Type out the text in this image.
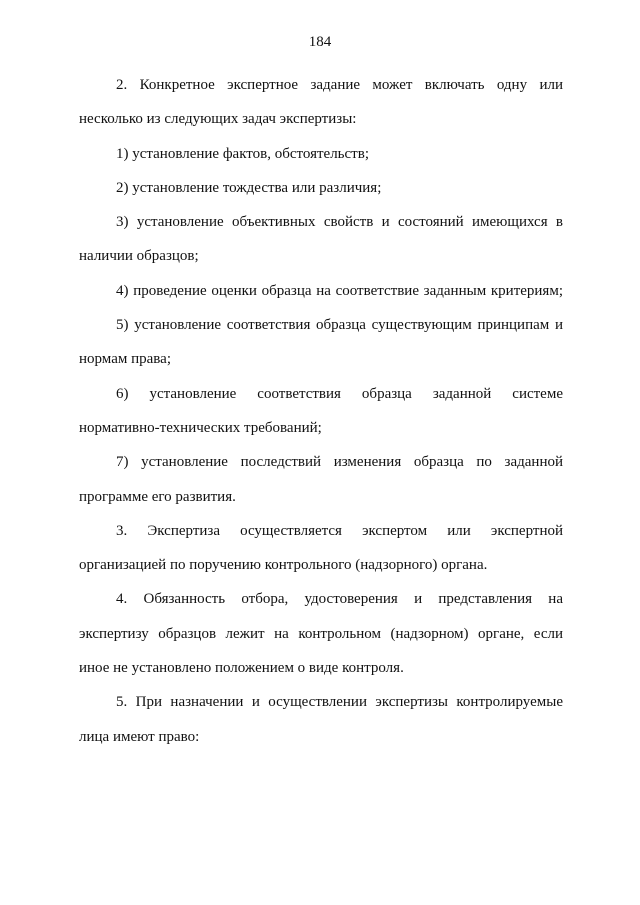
184
2. Конкретное экспертное задание может включать одну или
несколько из следующих задач экспертизы:
1) установление фактов, обстоятельств;
2) установление тождества или различия;
3) установление объективных свойств и состояний имеющихся в
наличии образцов;
4) проведение оценки образца на соответствие заданным критериям;
5) установление соответствия образца существующим принципам и
нормам права;
6) установление соответствия образца заданной системе
нормативно-технических требований;
7) установление последствий изменения образца по заданной
программе его развития.
3. Экспертиза осуществляется экспертом или экспертной
организацией по поручению контрольного (надзорного) органа.
4. Обязанность отбора, удостоверения и представления на
экспертизу образцов лежит на контрольном (надзорном) органе, если
иное не установлено положением о виде контроля.
5. При назначении и осуществлении экспертизы контролируемые
лица имеют право:
